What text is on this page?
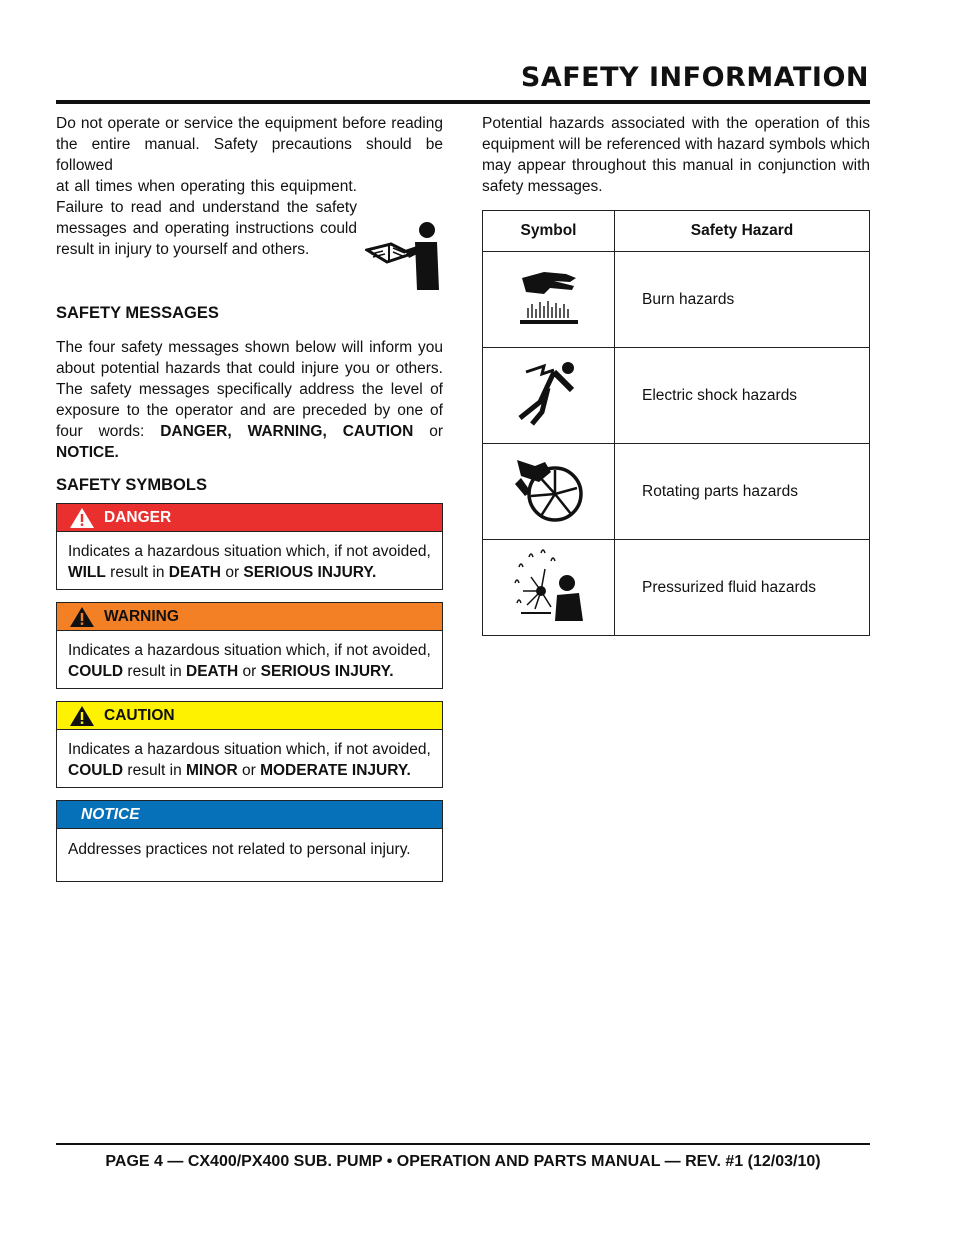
SAFETY INFORMATION

Do not operate or service the equipment before reading the entire manual. Safety precautions should be followed

at all times when operating this equipment. Failure to read and understand the safety messages and operating instructions could result in injury to yourself and others.

SAFETY MESSAGES

The four safety messages shown below will inform you about potential hazards that could injure you or others. The safety messages specifically address the level of exposure to the operator and are preceded by one of four words: DANGER, WARNING, CAUTION or NOTICE.

SAFETY SYMBOLS
DANGER
Indicates a hazardous situation which, if not avoided, WILL result in DEATH or SERIOUS INJURY.
WARNING
Indicates a hazardous situation which, if not avoided, COULD result in DEATH or SERIOUS INJURY.
CAUTION
Indicates a hazardous situation which, if not avoided, COULD result in MINOR or MODERATE INJURY.
NOTICE
Addresses practices not related to personal injury.

Potential hazards associated with the operation of this equipment will be referenced with hazard symbols which may appear throughout this manual in conjunction with safety messages.

Symbol	Safety Hazard
	Burn hazards
	Electric shock hazards
	Rotating parts hazards
	Pressurized fluid hazards
PAGE 4 — CX400/PX400 SUB. PUMP • OPERATION AND PARTS MANUAL — REV. #1 (12/03/10)
